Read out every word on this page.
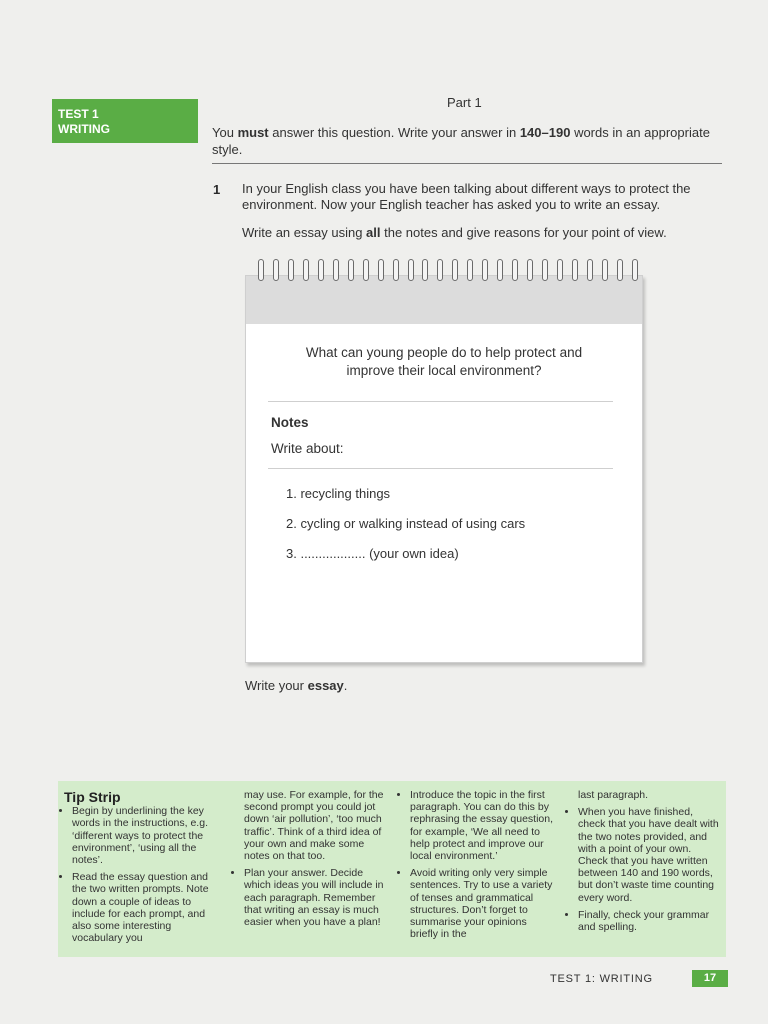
TEST 1
WRITING
Part 1
You must answer this question. Write your answer in 140–190 words in an appropriate style.
1 In your English class you have been talking about different ways to protect the environment. Now your English teacher has asked you to write an essay.
Write an essay using all the notes and give reasons for your point of view.
What can young people do to help protect and improve their local environment?
Notes
Write about:
1. recycling things
2. cycling or walking instead of using cars
3. .................. (your own idea)
Write your essay.
Tip Strip
• Begin by underlining the key words in the instructions, e.g. ‘different ways to protect the environment’, ‘using all the notes’.
• Read the essay question and the two written prompts. Note down a couple of ideas to include for each prompt, and also some interesting vocabulary you

may use. For example, for the second prompt you could jot down ‘air pollution’, ‘too much traffic’. Think of a third idea of your own and make some notes on that too.

• Plan your answer. Decide which ideas you will include in each paragraph. Remember that writing an essay is much easier when you have a plan!
• Introduce the topic in the first paragraph. You can do this by rephrasing the essay question, for example, ‘We all need to help protect and improve our local environment.’
• Avoid writing only very simple sentences. Try to use a variety of tenses and grammatical structures. Don’t forget to summarise your opinions briefly in the

last paragraph.

• When you have finished, check that you have dealt with the two notes provided, and with a point of your own. Check that you have written between 140 and 190 words, but don’t waste time counting every word.
• Finally, check your grammar and spelling.
TEST 1: WRITING	17
